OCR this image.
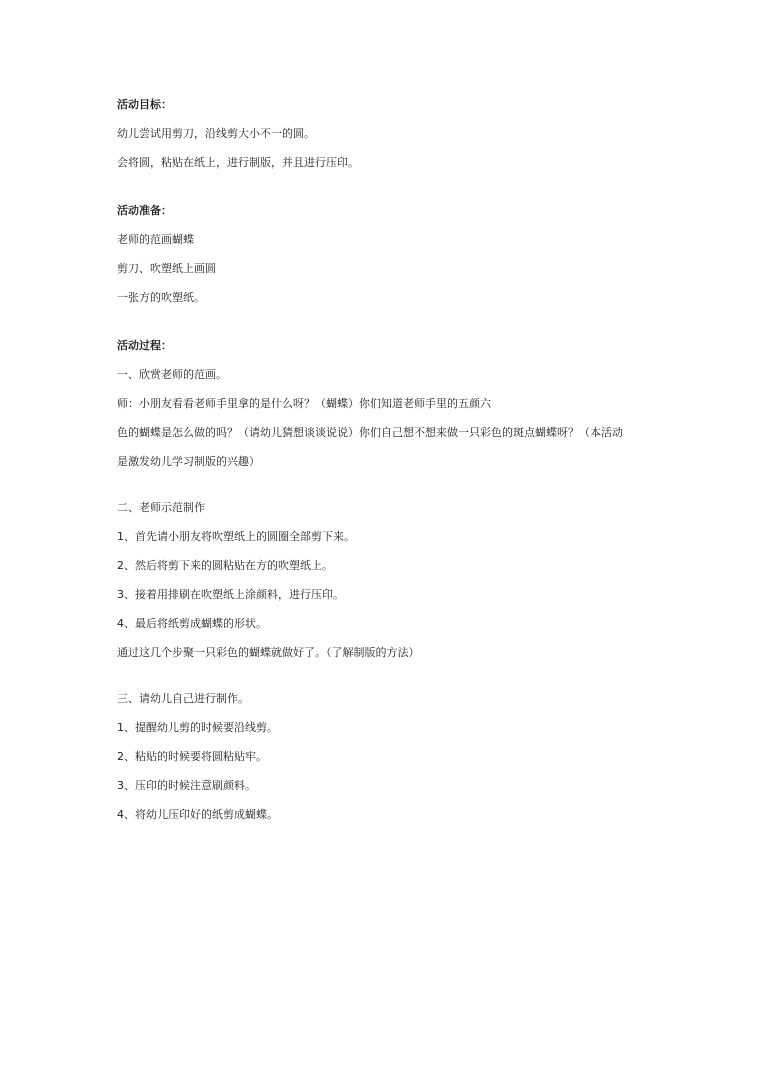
活动目标：

幼儿尝试用剪刀，沿线剪大小不一的圆。

会将圆，粘贴在纸上，进行制版，并且进行压印。

活动准备：

老师的范画蝴蝶

剪刀、吹塑纸上画圆

一张方的吹塑纸。

活动过程：

一、欣赏老师的范画。

师：小朋友看看老师手里拿的是什么呀？（蝴蝶）你们知道老师手里的五颜六

色的蝴蝶是怎么做的吗？（请幼儿猜想谈谈说说）你们自己想不想来做一只彩色的斑点蝴蝶呀？（本活动

是激发幼儿学习制版的兴趣）

二、老师示范制作

1、首先请小朋友将吹塑纸上的圆圈全部剪下来。

2、然后将剪下来的圆粘贴在方的吹塑纸上。

3、接着用排刷在吹塑纸上涂颜料，进行压印。

4、最后将纸剪成蝴蝶的形状。

通过这几个步聚一只彩色的蝴蝶就做好了。（了解制版的方法）

三、请幼儿自己进行制作。

1、提醒幼儿剪的时候要沿线剪。

2、粘贴的时候要将圆粘贴牢。

3、压印的时候注意刷颜料。

4、将幼儿压印好的纸剪成蝴蝶。
